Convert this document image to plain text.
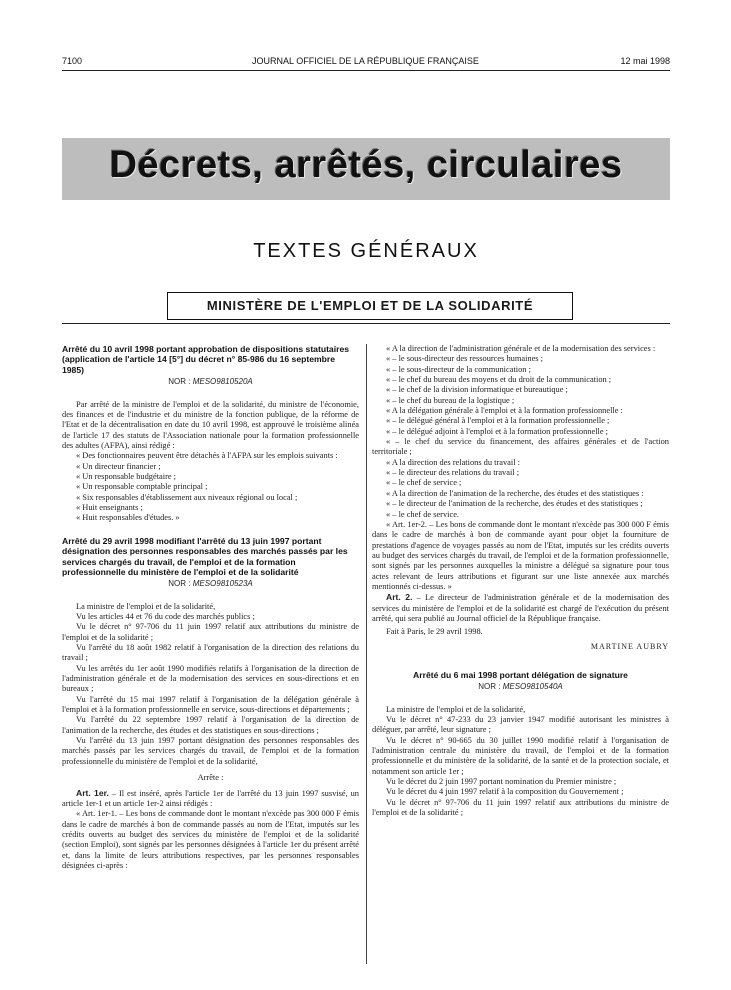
7100	JOURNAL OFFICIEL DE LA RÉPUBLIQUE FRANÇAISE	12 mai 1998
Décrets, arrêtés, circulaires
TEXTES GÉNÉRAUX
MINISTÈRE DE L'EMPLOI ET DE LA SOLIDARITÉ
Arrêté du 10 avril 1998 portant approbation de dispositions statutaires (application de l'article 14 [5°] du décret n° 85-986 du 16 septembre 1985)
NOR : MESO9810520A

Par arrêté de la ministre de l'emploi et de la solidarité, du ministre de l'économie, des finances et de l'industrie et du ministre de la fonction publique, de la réforme de l'Etat et de la décentralisation en date du 10 avril 1998, est approuvé le troisième alinéa de l'article 17 des statuts de l'Association nationale pour la formation professionnelle des adultes (AFPA), ainsi rédigé :

« Des fonctionnaires peuvent être détachés à l'AFPA sur les emplois suivants :

« Un directeur financier ;

« Un responsable budgétaire ;

« Un responsable comptable principal ;

« Six responsables d'établissement aux niveaux régional ou local ;

« Huit enseignants ;

« Huit responsables d'études. »

Arrêté du 29 avril 1998 modifiant l'arrêté du 13 juin 1997 portant désignation des personnes responsables des marchés passés par les services chargés du travail, de l'emploi et de la formation professionnelle du ministère de l'emploi et de la solidarité
NOR : MESO9810523A

La ministre de l'emploi et de la solidarité,

Vu les articles 44 et 76 du code des marchés publics ;

Vu le décret n° 97-706 du 11 juin 1997 relatif aux attributions du ministre de l'emploi et de la solidarité ;

Vu l'arrêté du 18 août 1982 relatif à l'organisation de la direction des relations du travail ;

Vu les arrêtés du 1er août 1990 modifiés relatifs à l'organisation de la direction de l'administration générale et de la modernisation des services en sous-directions et en bureaux ;

Vu l'arrêté du 15 mai 1997 relatif à l'organisation de la délégation générale à l'emploi et à la formation professionnelle en service, sous-directions et départements ;

Vu l'arrêté du 22 septembre 1997 relatif à l'organisation de la direction de l'animation de la recherche, des études et des statistiques en sous-directions ;

Vu l'arrêté du 13 juin 1997 portant désignation des personnes responsables des marchés passés par les services chargés du travail, de l'emploi et de la formation professionnelle du ministère de l'emploi et de la solidarité,

Arrête :

Art. 1er. – Il est inséré, après l'article 1er de l'arrêté du 13 juin 1997 susvisé, un article 1er-1 et un article 1er-2 ainsi rédigés :

« Art. 1er-1. – Les bons de commande dont le montant n'excède pas 300 000 F émis dans le cadre de marchés à bon de commande passés au nom de l'Etat, imputés sur les crédits ouverts au budget des services du ministère de l'emploi et de la solidarité (section Emploi), sont signés par les personnes désignées à l'article 1er du présent arrêté et, dans la limite de leurs attributions respectives, par les personnes responsables désignées ci-après :

« A la direction de l'administration générale et de la modernisation des services :

« – le sous-directeur des ressources humaines ;

« – le sous-directeur de la communication ;

« – le chef du bureau des moyens et du droit de la communication ;

« – le chef de la division informatique et bureautique ;

« – le chef du bureau de la logistique ;

« A la délégation générale à l'emploi et à la formation professionnelle :

« – le délégué général à l'emploi et à la formation professionnelle ;

« – le délégué adjoint à l'emploi et à la formation professionnelle ;

« – le chef du service du financement, des affaires générales et de l'action territoriale ;

« A la direction des relations du travail :

« – le directeur des relations du travail ;

« – le chef de service ;

« A la direction de l'animation de la recherche, des études et des statistiques :

« – le directeur de l'animation de la recherche, des études et des statistiques ;

« – le chef de service.

« Art. 1er-2. – Les bons de commande dont le montant n'excède pas 300 000 F émis dans le cadre de marchés à bon de commande ayant pour objet la fourniture de prestations d'agence de voyages passés au nom de l'Etat, imputés sur les crédits ouverts au budget des services chargés du travail, de l'emploi et de la formation professionnelle, sont signés par les personnes auxquelles la ministre a délégué sa signature pour tous actes relevant de leurs attributions et figurant sur une liste annexée aux marchés mentionnés ci-dessus. »

Art. 2. – Le directeur de l'administration générale et de la modernisation des services du ministère de l'emploi et de la solidarité est chargé de l'exécution du présent arrêté, qui sera publié au Journal officiel de la République française.

Fait à Paris, le 29 avril 1998.

MARTINE AUBRY

Arrêté du 6 mai 1998 portant délégation de signature
NOR : MESO9810540A

La ministre de l'emploi et de la solidarité,

Vu le décret n° 47-233 du 23 janvier 1947 modifié autorisant les ministres à déléguer, par arrêté, leur signature ;

Vu le décret n° 90-665 du 30 juillet 1990 modifié relatif à l'organisation de l'administration centrale du ministère du travail, de l'emploi et de la formation professionnelle et du ministère de la solidarité, de la santé et de la protection sociale, et notamment son article 1er ;

Vu le décret du 2 juin 1997 portant nomination du Premier ministre ;

Vu le décret du 4 juin 1997 relatif à la composition du Gouvernement ;

Vu le décret n° 97-706 du 11 juin 1997 relatif aux attributions du ministre de l'emploi et de la solidarité ;
